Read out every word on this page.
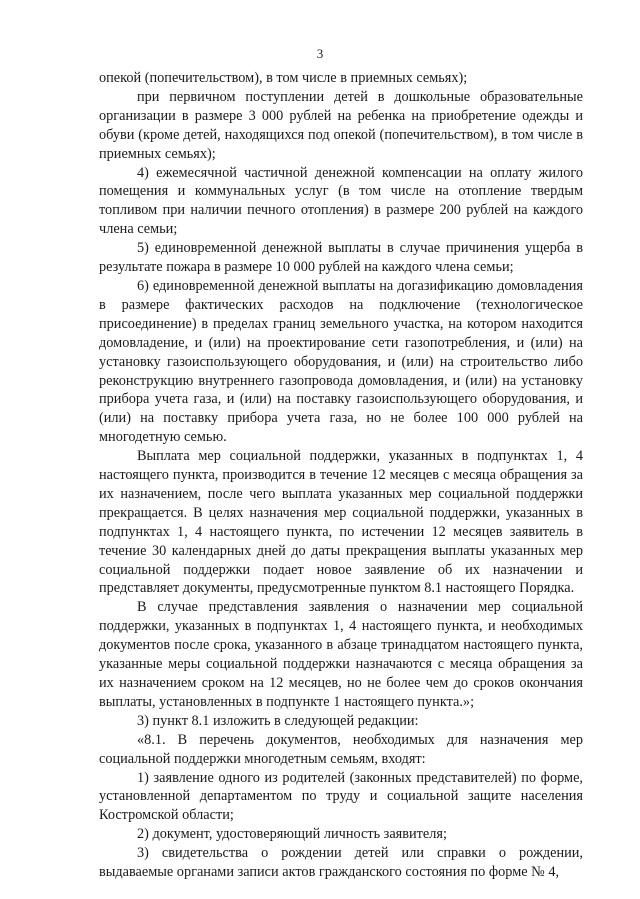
3

опекой (попечительством), в том числе в приемных семьях);

при первичном поступлении детей в дошкольные образовательные организации в размере 3 000 рублей на ребенка на приобретение одежды и обуви (кроме детей, находящихся под опекой (попечительством), в том числе в приемных семьях);

4) ежемесячной частичной денежной компенсации на оплату жилого помещения и коммунальных услуг (в том числе на отопление твердым топливом при наличии печного отопления) в размере 200 рублей на каждого члена семьи;

5) единовременной денежной выплаты в случае причинения ущерба в результате пожара в размере 10 000 рублей на каждого члена семьи;

6) единовременной денежной выплаты на догазификацию домовладения в размере фактических расходов на подключение (технологическое присоединение) в пределах границ земельного участка, на котором находится домовладение, и (или) на проектирование сети газопотребления, и (или) на установку газоиспользующего оборудования, и (или) на строительство либо реконструкцию внутреннего газопровода домовладения, и (или) на установку прибора учета газа, и (или) на поставку газоиспользующего оборудования, и (или) на поставку прибора учета газа, но не более 100 000 рублей на многодетную семью.

Выплата мер социальной поддержки, указанных в подпунктах 1, 4 настоящего пункта, производится в течение 12 месяцев с месяца обращения за их назначением, после чего выплата указанных мер социальной поддержки прекращается. В целях назначения мер социальной поддержки, указанных в подпунктах 1, 4 настоящего пункта, по истечении 12 месяцев заявитель в течение 30 календарных дней до даты прекращения выплаты указанных мер социальной поддержки подает новое заявление об их назначении и представляет документы, предусмотренные пунктом 8.1 настоящего Порядка.

В случае представления заявления о назначении мер социальной поддержки, указанных в подпунктах 1, 4 настоящего пункта, и необходимых документов после срока, указанного в абзаце тринадцатом настоящего пункта, указанные меры социальной поддержки назначаются с месяца обращения за их назначением сроком на 12 месяцев, но не более чем до сроков окончания выплаты, установленных в подпункте 1 настоящего пункта.»;

3) пункт 8.1 изложить в следующей редакции:

«8.1. В перечень документов, необходимых для назначения мер социальной поддержки многодетным семьям, входят:

1) заявление одного из родителей (законных представителей) по форме, установленной департаментом по труду и социальной защите населения Костромской области;

2) документ, удостоверяющий личность заявителя;

3) свидетельства о рождении детей или справки о рождении, выдаваемые органами записи актов гражданского состояния по форме № 4,
